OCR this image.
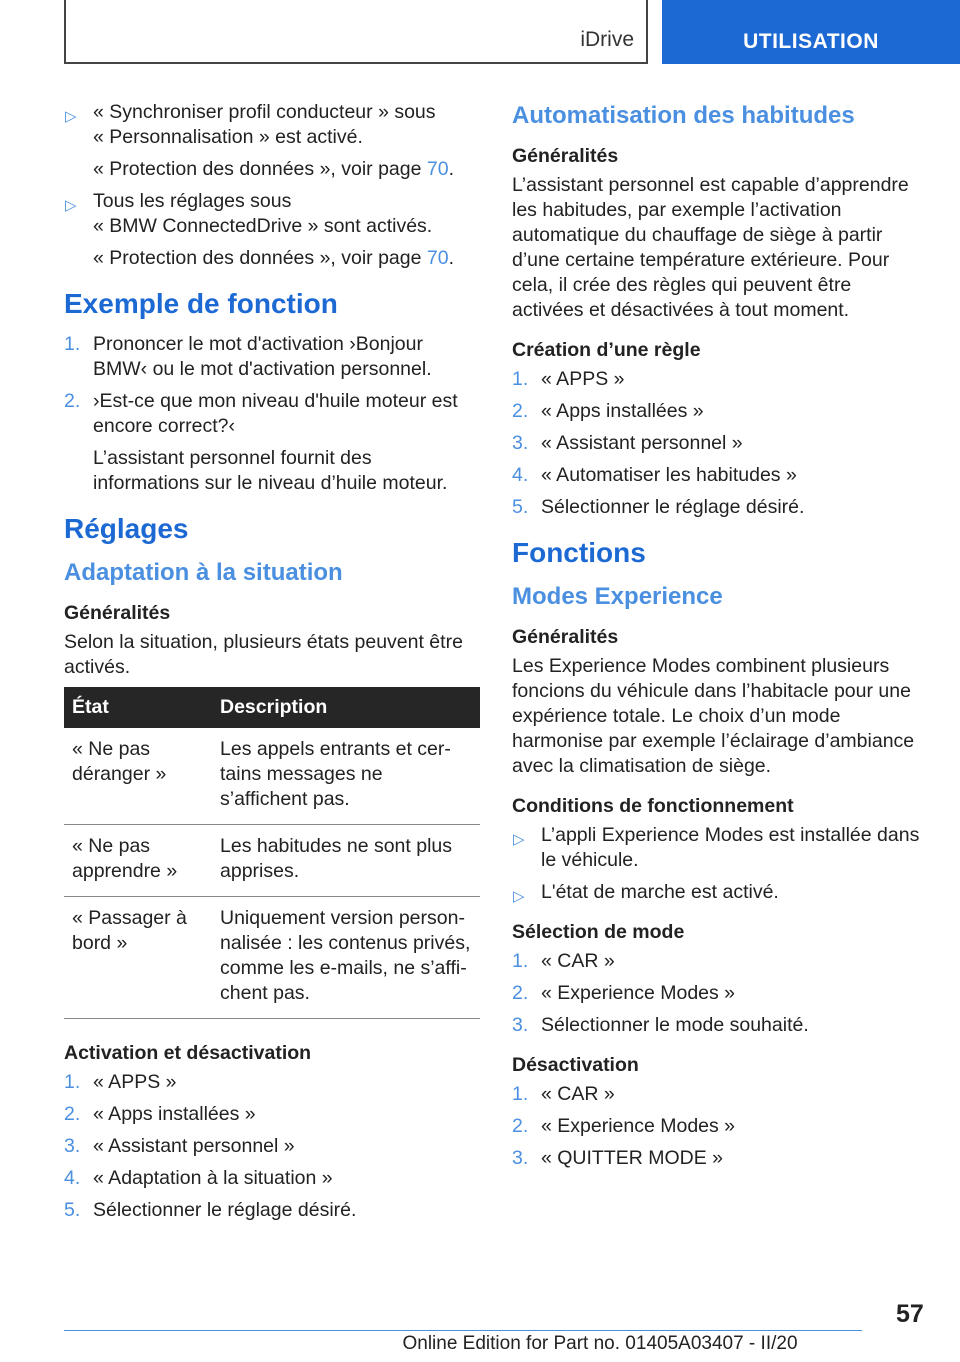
iDrive	UTILISATION
▷ « Synchroniser profil conducteur » sous
« Personnalisation » est activé.
« Protection des données », voir page 70.
▷ Tous les réglages sous
« BMW ConnectedDrive » sont activés.
« Protection des données », voir page 70.
Exemple de fonction
1. Prononcer le mot d'activation ›Bonjour BMW‹ ou le mot d'activation personnel.
2. ›Est-ce que mon niveau d'huile moteur est encore correct?‹
L’assistant personnel fournit des informations sur le niveau d’huile moteur.
Réglages
Adaptation à la situation
Généralités
Selon la situation, plusieurs états peuvent être activés.
État	Description
« Ne pas déranger »	Les appels entrants et certains messages ne s’affichent pas.
« Ne pas apprendre »	Les habitudes ne sont plus apprises.
« Passager à bord »	Uniquement version personnalisée : les contenus privés, comme les e-mails, ne s’affichent pas.
Activation et désactivation
1. « APPS »
2. « Apps installées »
3. « Assistant personnel »
4. « Adaptation à la situation »
5. Sélectionner le réglage désiré.
Automatisation des habitudes
Généralités
L’assistant personnel est capable d’apprendre les habitudes, par exemple l’activation automatique du chauffage de siège à partir d’une certaine température extérieure. Pour cela, il crée des règles qui peuvent être activées et désactivées à tout moment.
Création d’une règle
1. « APPS »
2. « Apps installées »
3. « Assistant personnel »
4. « Automatiser les habitudes »
5. Sélectionner le réglage désiré.
Fonctions
Modes Experience
Généralités
Les Experience Modes combinent plusieurs foncions du véhicule dans l’habitacle pour une expérience totale. Le choix d’un mode harmonise par exemple l’éclairage d’ambiance avec la climatisation de siège.
Conditions de fonctionnement
▷ L’appli Experience Modes est installée dans le véhicule.
▷ L'état de marche est activé.
Sélection de mode
1. « CAR »
2. « Experience Modes »
3. Sélectionner le mode souhaité.
Désactivation
1. « CAR »
2. « Experience Modes »
3. « QUITTER MODE »
57
Online Edition for Part no. 01405A03407 - II/20
